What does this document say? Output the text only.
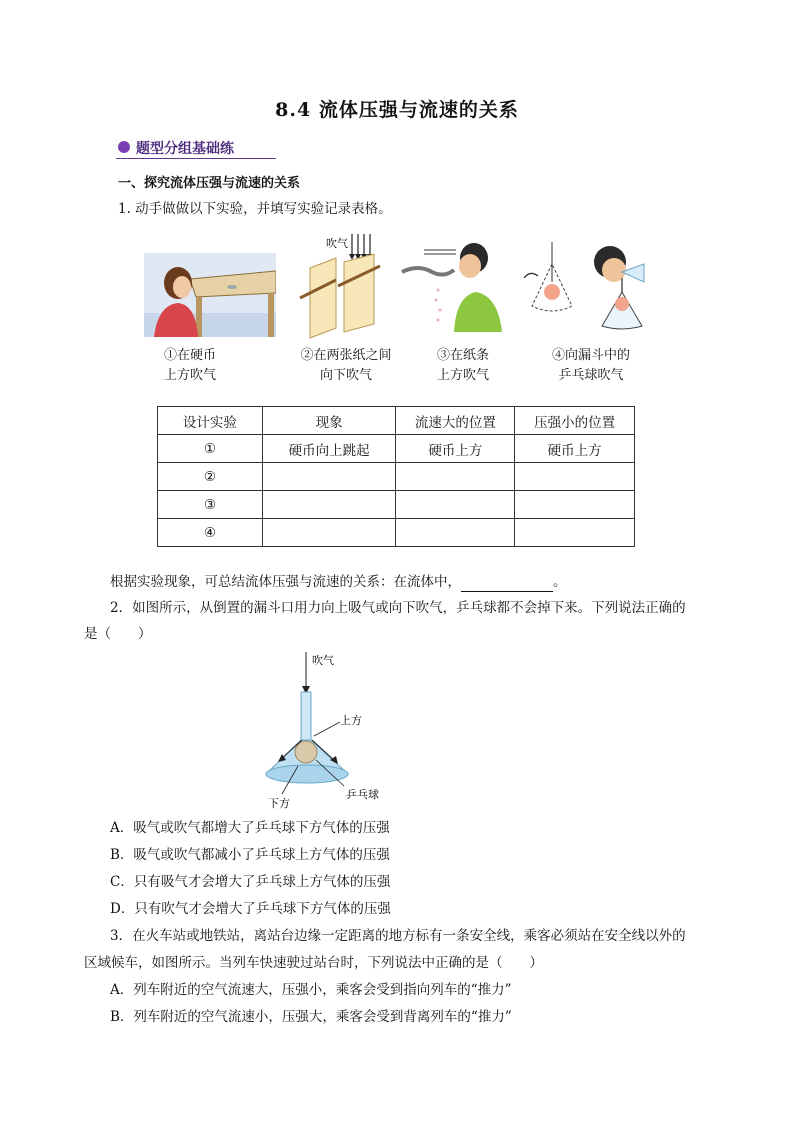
8.4 流体压强与流速的关系
题型分组基础练
一、探究流体压强与流速的关系
1. 动手做做以下实验，并填写实验记录表格。
吹气
①在硬币
上方吹气
②在两张纸之间
向下吹气
③在纸条
上方吹气
④向漏斗中的
乒乓球吹气
设计实验	现象	流速大的位置	压强小的位置
①	硬币向上跳起	硬币上方	硬币上方
②			
③			
④			
根据实验现象，可总结流体压强与流速的关系：在流体中，	。
2．如图所示，从倒置的漏斗口用力向上吸气或向下吹气，乒乓球都不会掉下来。下列说法正确的
是（　　）
吹气
上方
下方
乒乓球
A．吸气或吹气都增大了乒乓球下方气体的压强
B．吸气或吹气都减小了乒乓球上方气体的压强
C．只有吸气才会增大了乒乓球上方气体的压强
D．只有吹气才会增大了乒乓球下方气体的压强
3．在火车站或地铁站，离站台边缘一定距离的地方标有一条安全线，乘客必须站在安全线以外的
区域候车，如图所示。当列车快速驶过站台时，下列说法中正确的是（　　）
A．列车附近的空气流速大，压强小，乘客会受到指向列车的“推力”
B．列车附近的空气流速小，压强大，乘客会受到背离列车的“推力”
